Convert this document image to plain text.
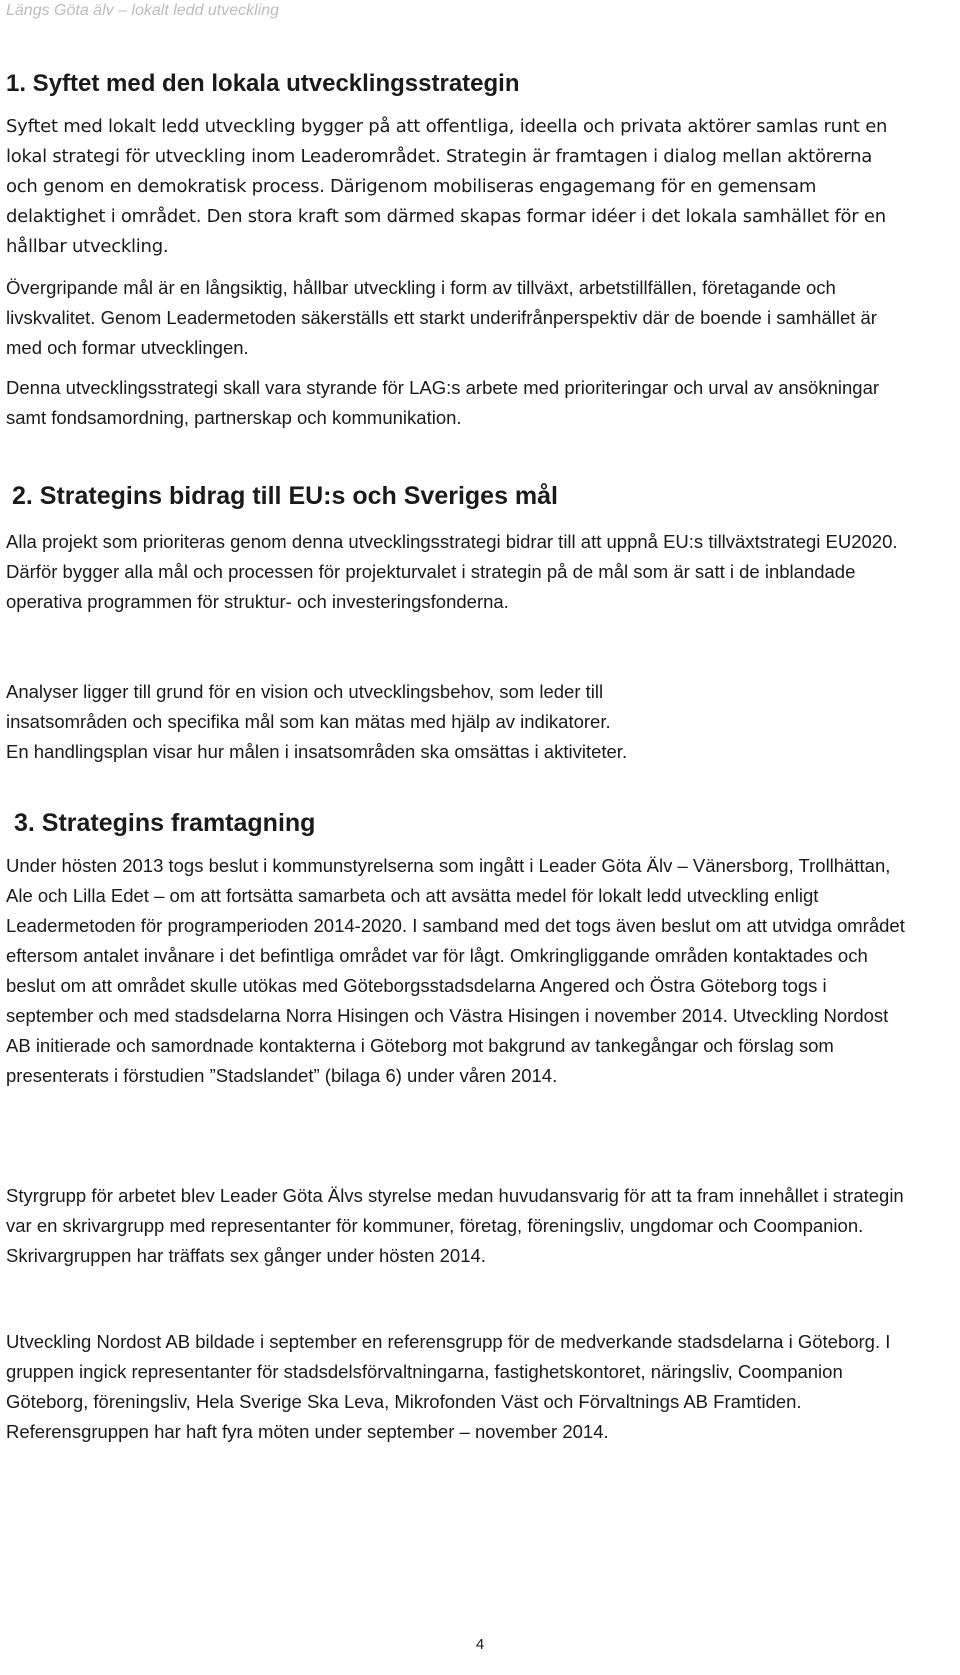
Längs Göta älv – lokalt ledd utveckling
1. Syftet med den lokala utvecklingsstrategin

Syftet med lokalt ledd utveckling bygger på att offentliga, ideella och privata aktörer samlas runt en lokal strategi för utveckling inom Leaderområdet. Strategin är framtagen i dialog mellan aktörerna och genom en demokratisk process. Därigenom mobiliseras engagemang för en gemensam delaktighet i området. Den stora kraft som därmed skapas formar idéer i det lokala samhället för en hållbar utveckling.

Övergripande mål är en långsiktig, hållbar utveckling i form av tillväxt, arbetstillfällen, företagande och livskvalitet. Genom Leadermetoden säkerställs ett starkt underifrånperspektiv där de boende i samhället är med och formar utvecklingen.

Denna utvecklingsstrategi skall vara styrande för LAG:s arbete med prioriteringar och urval av ansökningar samt fondsamordning, partnerskap och kommunikation.

2. Strategins bidrag till EU:s och Sveriges mål

Alla projekt som prioriteras genom denna utvecklingsstrategi bidrar till att uppnå EU:s tillväxtstrategi EU2020. Därför bygger alla mål och processen för projekturvalet i strategin på de mål som är satt i de inblandade operativa programmen för struktur- och investeringsfonderna.

Analyser ligger till grund för en vision och utvecklingsbehov, som leder till
insatsområden och specifika mål som kan mätas med hjälp av indikatorer.
En handlingsplan visar hur målen i insatsområden ska omsättas i aktiviteter.
3. Strategins framtagning

Under hösten 2013 togs beslut i kommunstyrelserna som ingått i Leader Göta Älv – Vänersborg, Trollhättan, Ale och Lilla Edet – om att fortsätta samarbeta och att avsätta medel för lokalt ledd utveckling enligt Leadermetoden för programperioden 2014-2020. I samband med det togs även beslut om att utvidga området eftersom antalet invånare i det befintliga området var för lågt. Omkringliggande områden kontaktades och beslut om att området skulle utökas med Göteborgsstadsdelarna Angered och Östra Göteborg togs i september och med stadsdelarna Norra Hisingen och Västra Hisingen i november 2014. Utveckling Nordost AB initierade och samordnade kontakterna i Göteborg mot bakgrund av tankegångar och förslag som presenterats i förstudien ”Stadslandet” (bilaga 6) under våren 2014.

Styrgrupp för arbetet blev Leader Göta Älvs styrelse medan huvudansvarig för att ta fram innehållet i strategin var en skrivargrupp med representanter för kommuner, företag, föreningsliv, ungdomar och Coompanion. Skrivargruppen har träffats sex gånger under hösten 2014.

Utveckling Nordost AB bildade i september en referensgrupp för de medverkande stadsdelarna i Göteborg. I gruppen ingick representanter för stadsdelsförvaltningarna, fastighetskontoret, näringsliv, Coompanion Göteborg, föreningsliv, Hela Sverige Ska Leva, Mikrofonden Väst och Förvaltnings AB Framtiden. Referensgruppen har haft fyra möten under september – november 2014.

4
